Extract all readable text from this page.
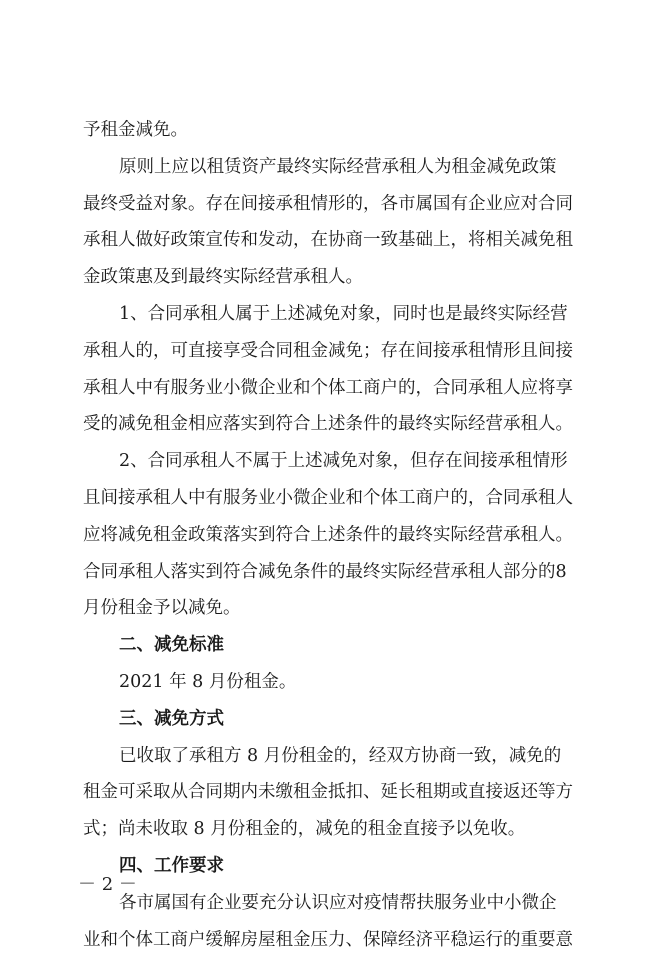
予租金减免。
原则上应以租赁资产最终实际经营承租人为租金减免政策
最终受益对象。存在间接承租情形的，各市属国有企业应对合同
承租人做好政策宣传和发动，在协商一致基础上，将相关减免租
金政策惠及到最终实际经营承租人。
1、合同承租人属于上述减免对象，同时也是最终实际经营
承租人的，可直接享受合同租金减免；存在间接承租情形且间接
承租人中有服务业小微企业和个体工商户的，合同承租人应将享
受的减免租金相应落实到符合上述条件的最终实际经营承租人。
2、合同承租人不属于上述减免对象，但存在间接承租情形
且间接承租人中有服务业小微企业和个体工商户的，合同承租人
应将减免租金政策落实到符合上述条件的最终实际经营承租人。
合同承租人落实到符合减免条件的最终实际经营承租人部分的8
月份租金予以减免。
二、减免标准
2021 年 8 月份租金。
三、减免方式
已收取了承租方 8 月份租金的，经双方协商一致，减免的
租金可采取从合同期内未缴租金抵扣、延长租期或直接返还等方
式；尚未收取 8 月份租金的，减免的租金直接予以免收。
四、工作要求
各市属国有企业要充分认识应对疫情帮扶服务业中小微企
业和个体工商户缓解房屋租金压力、保障经济平稳运行的重要意
－ 2 －
